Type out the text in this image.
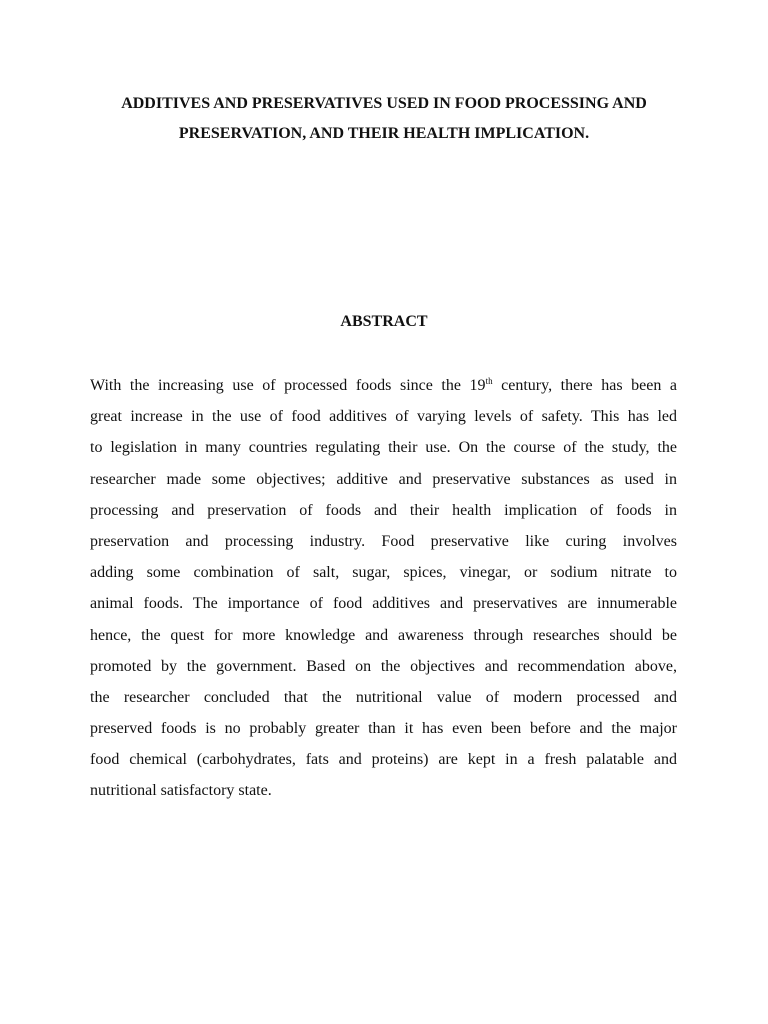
ADDITIVES AND PRESERVATIVES USED IN FOOD PROCESSING AND
PRESERVATION, AND THEIR HEALTH IMPLICATION.
ABSTRACT
With the increasing use of processed foods since the 19th century, there has been a
great increase in the use of food additives of varying levels of safety. This has led
to legislation in many countries regulating their use. On the course of the study, the
researcher made some objectives; additive and preservative substances as used in
processing and preservation of foods and their health implication of foods in
preservation and processing industry. Food preservative like curing involves
adding some combination of salt, sugar, spices, vinegar, or sodium nitrate to
animal foods. The importance of food additives and preservatives are innumerable
hence, the quest for more knowledge and awareness through researches should be
promoted by the government. Based on the objectives and recommendation above,
the researcher concluded that the nutritional value of modern processed and
preserved foods is no probably greater than it has even been before and the major
food chemical (carbohydrates, fats and proteins) are kept in a fresh palatable and
nutritional satisfactory state.
